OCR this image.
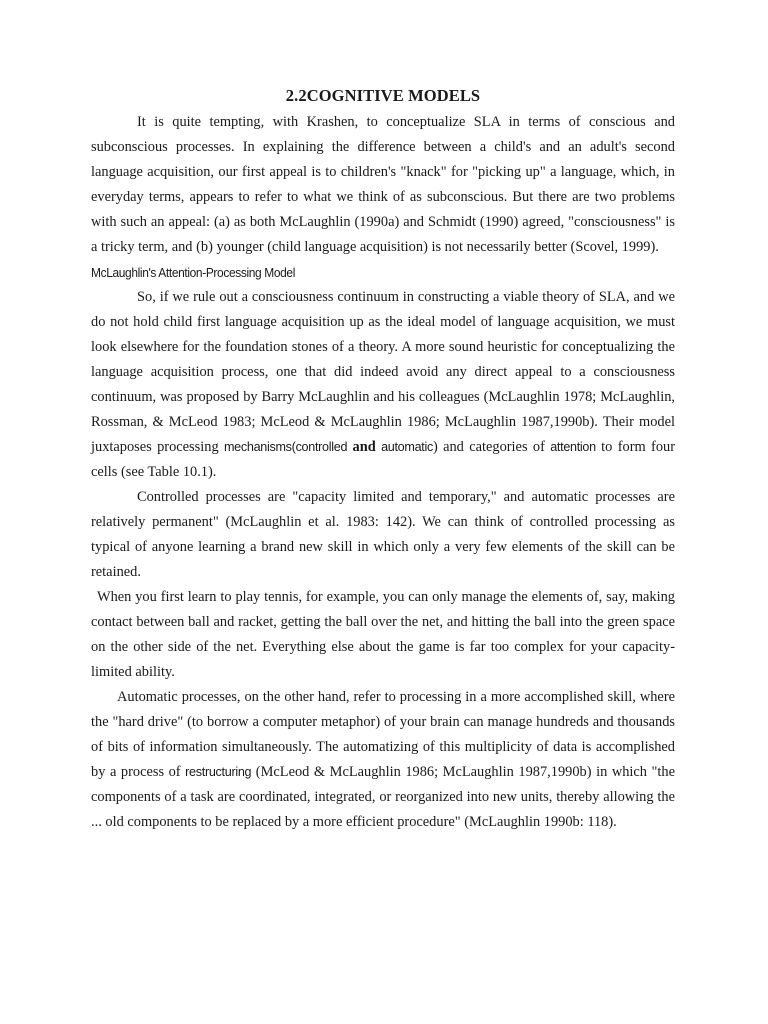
2.2COGNITIVE MODELS

It is quite tempting, with Krashen, to conceptualize SLA in terms of conscious and subconscious processes. In explaining the difference between a child's and an adult's second language acquisition, our first appeal is to children's "knack" for "picking up" a language, which, in everyday terms, appears to refer to what we think of as subconscious. But there are two problems with such an appeal: (a) as both McLaughlin (1990a) and Schmidt (1990) agreed, "consciousness" is a tricky term, and (b) younger (child language acquisition) is not necessarily better (Scovel, 1999).

McLaughlin's Attention-Processing Model

So, if we rule out a consciousness continuum in constructing a viable theory of SLA, and we do not hold child first language acquisition up as the ideal model of language acquisition, we must look elsewhere for the foundation stones of a theory. A more sound heuristic for conceptualizing the language acquisition process, one that did indeed avoid any direct appeal to a consciousness continuum, was proposed by Barry McLaughlin and his colleagues (McLaughlin 1978; McLaughlin, Rossman, & McLeod 1983; McLeod & McLaughlin 1986; McLaughlin 1987,1990b). Their model juxtaposes processing mechanisms(controlled and automatic) and categories of attention to form four cells (see Table 10.1).

Controlled processes are "capacity limited and temporary," and automatic processes are relatively permanent" (McLaughlin et al. 1983: 142). We can think of controlled processing as typical of anyone learning a brand new skill in which only a very few elements of the skill can be retained.

When you first learn to play tennis, for example, you can only manage the elements of, say, making contact between ball and racket, getting the ball over the net, and hitting the ball into the green space on the other side of the net. Everything else about the game is far too complex for your capacity-limited ability.

Automatic processes, on the other hand, refer to processing in a more accomplished skill, where the "hard drive" (to borrow a computer metaphor) of your brain can manage hundreds and thousands of bits of information simultaneously. The automatizing of this multiplicity of data is accomplished by a process of restructuring (McLeod & McLaughlin 1986; McLaughlin 1987,1990b) in which "the components of a task are coordinated, integrated, or reorganized into new units, thereby allowing the ... old components to be replaced by a more efficient procedure" (McLaughlin 1990b: 118).
